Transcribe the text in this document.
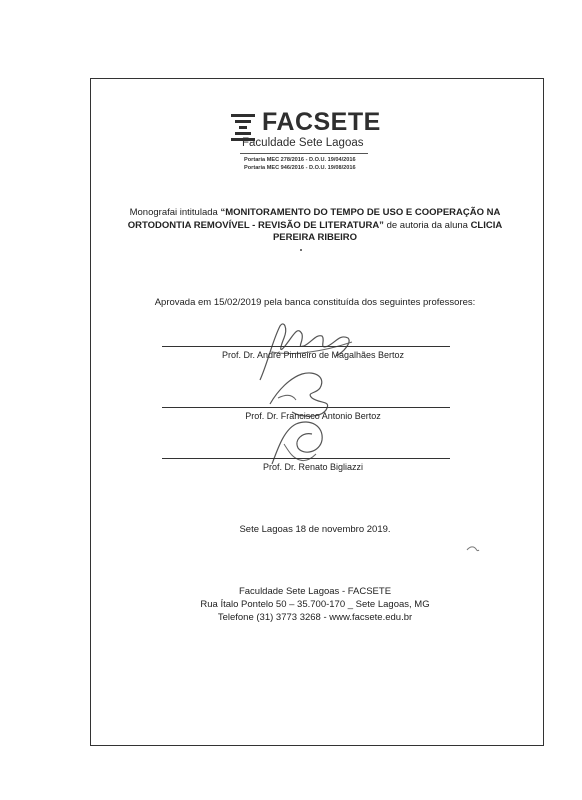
FACSETE
Faculdade Sete Lagoas
Portaria MEC 278/2016 - D.O.U. 19/04/2016
Portaria MEC 946/2016 - D.O.U. 19/08/2016
Monografai intitulada “MONITORAMENTO DO TEMPO DE USO E COOPERAÇÃO NA ORTODONTIA REMOVÍVEL - REVISÃO DE LITERATURA” de autoria da aluna CLICIA PEREIRA RIBEIRO
Aprovada em 15/02/2019 pela banca constituída dos seguintes professores:
Prof. Dr. André Pinheiro de Magalhães Bertoz
Prof. Dr. Francisco Antonio Bertoz
Prof. Dr. Renato Bigliazzi
Sete Lagoas 18 de novembro 2019.
Faculdade Sete Lagoas - FACSETE
Rua Ítalo Pontelo 50 – 35.700-170 _ Sete Lagoas, MG
Telefone (31) 3773 3268 - www.facsete.edu.br
